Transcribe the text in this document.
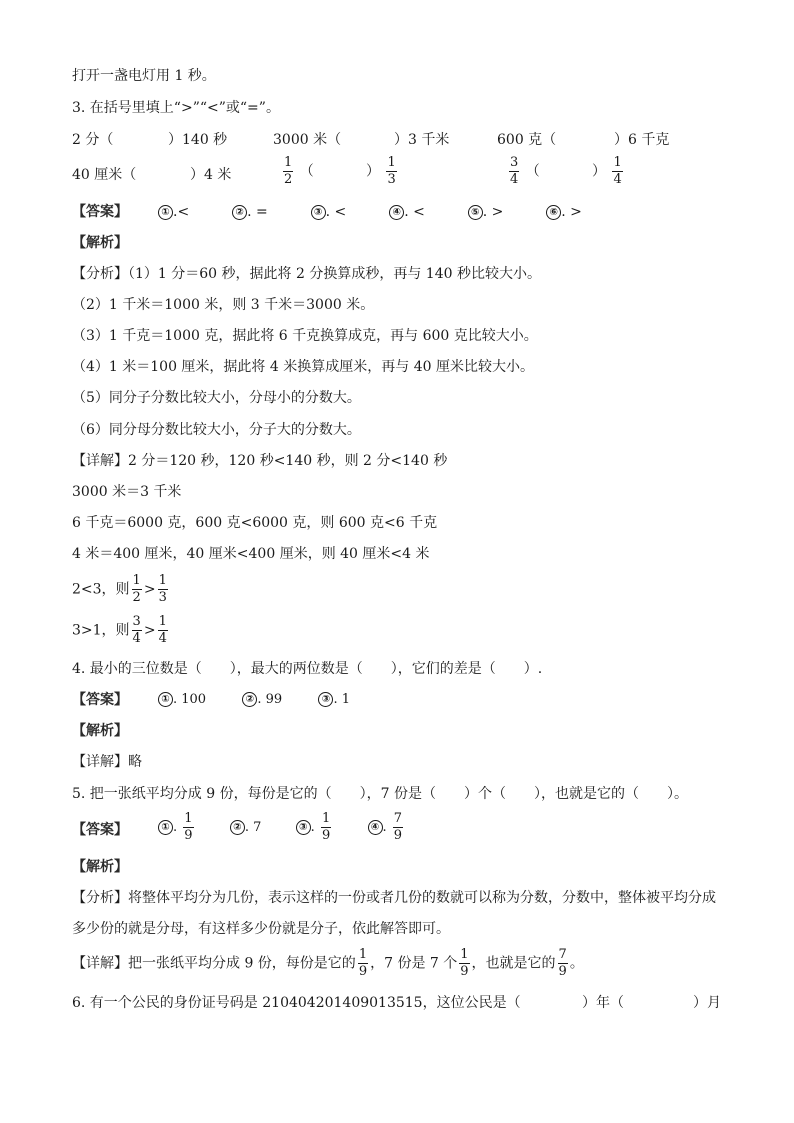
打开一盏电灯用 1 秒。
3. 在括号里填上“>”“<”或“=”。
2 分（	）140 秒	3000 米（	）3 千米	600 克（	）6 千克
40 厘米（	）4 米	$\frac{1}{2}$ （	） $\frac{1}{3}$	$\frac{3}{4}$ （	） $\frac{1}{4}$
【答案】	① .<	② . =	③ . <	④ . <	⑤ . >	⑥ . >
【解析】
【分析】（1）1 分＝60 秒，据此将 2 分换算成秒，再与 140 秒比较大小。
（2）1 千米＝1000 米，则 3 千米＝3000 米。
（3）1 千克＝1000 克，据此将 6 千克换算成克，再与 600 克比较大小。
（4）1 米＝100 厘米，据此将 4 米换算成厘米，再与 40 厘米比较大小。
（5）同分子分数比较大小，分母小的分数大。
（6）同分母分数比较大小，分子大的分数大。
【详解】2 分＝120 秒，120 秒<140 秒，则 2 分<140 秒
3000 米＝3 千米
6 千克＝6000 克，600 克<6000 克，则 600 克<6 千克
4 米＝400 厘米，40 厘米<400 厘米，则 40 厘米<4 米
2<3，则 $\frac{1}{2} > \frac{1}{3}$
3>1，则 $\frac{3}{4} > \frac{1}{4}$
4. 最小的三位数是（　　），最大的两位数是（　　），它们的差是（　　）.
【答案】	① . 100	② . 99	③ . 1
【解析】
【详解】略
5. 把一张纸平均分成 9 份，每份是它的（　　），7 份是（　　）个（　　），也就是它的（　　）。
【答案】	① . $\frac{1}{9}$	② . 7	③ . $\frac{1}{9}$	④ . $\frac{7}{9}$
【解析】
【分析】将整体平均分为几份，表示这样的一份或者几份的数就可以称为分数，分数中，整体被平均分成
多少份的就是分母，有这样多少份就是分子，依此解答即可。
【详解】把一张纸平均分成 9 份，每份是它的 $\frac{1}{9}$ ，7 份是 7 个 $\frac{1}{9}$ ，也就是它的 $\frac{7}{9}$ 。
6. 有一个公民的身份证号码是 210404201409013515，这位公民是（	）年（	）月
